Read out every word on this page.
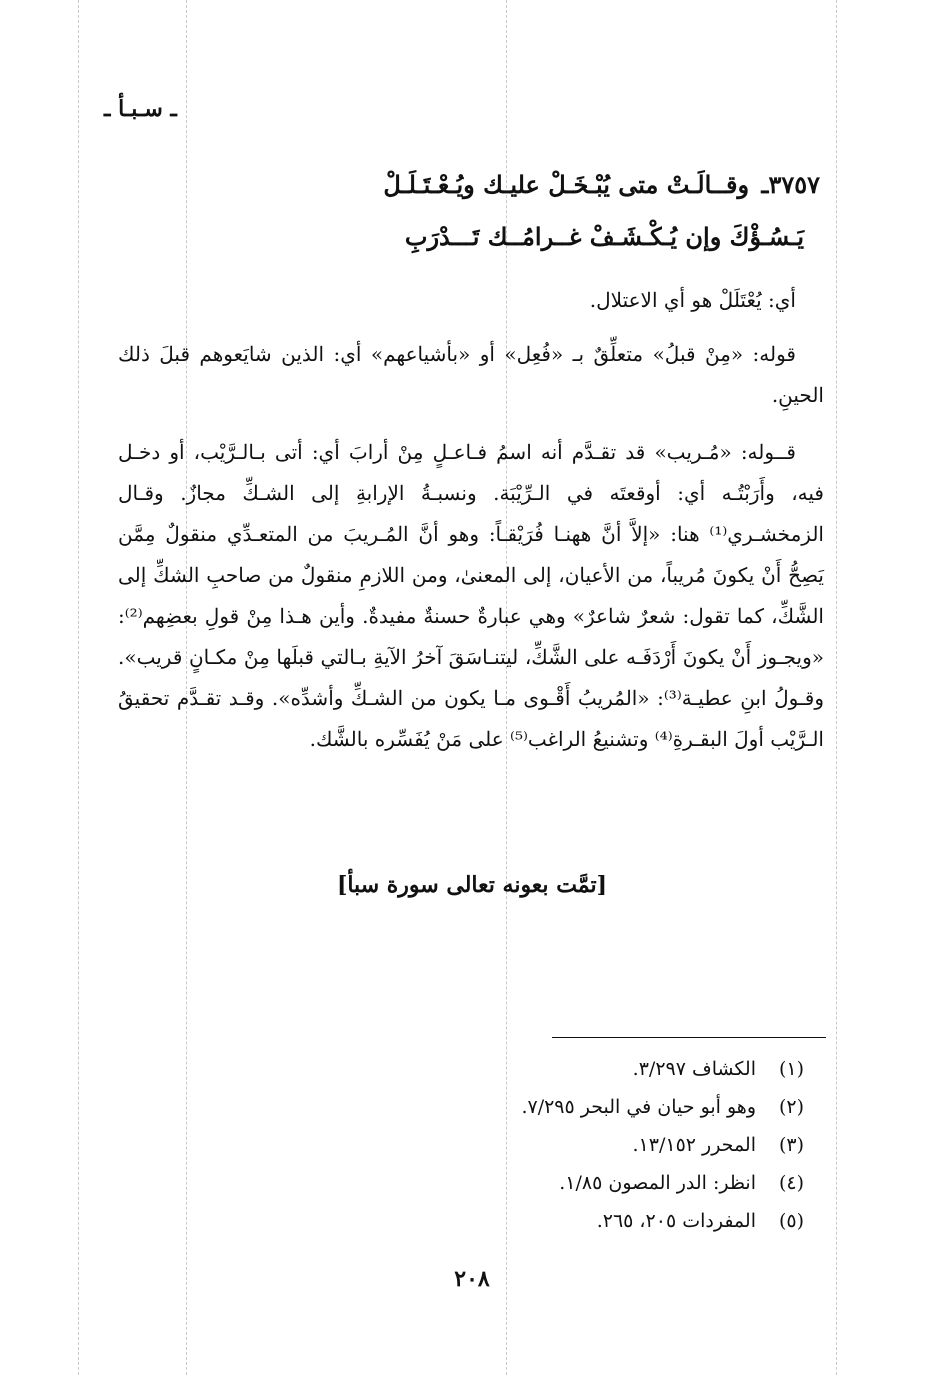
ـ سـبـأ ـ
٣٧٥٧ـ وقــالَـتْ متى يُبْـخَـلْ عليـك ويُـعْـتَـلَـلْ
يَـسُـؤْكَ وإن يُـكْـشَـفْ غــرامُــك تَـــدْرَبِ

أي: يُعْتَلَلْ هو أي الاعتلال.

قوله: «مِنْ قبلُ» متعلِّقٌ بـ «فُعِل» أو «بأشياعهم» أي: الذين شايَعوهم قبلَ ذلك الحينِ.

قــوله: «مُـريب» قد تقـدَّم أنه اسمُ فـاعـلٍ مِنْ أرابَ أي: أتى بـالـرَّيْب، أو دخـل فيه، وأَرَبْتُـه أي: أوقعتَه في الـرِّيْبَة. ونسبـةُ الإرابةِ إلى الشـكِّ مجازٌ. وقـال الزمخشـري⁽¹⁾ هنا: «إلاَّ أنَّ ههنـا فُرَيْقـاً: وهو أنَّ المُـريبَ من المتعـدِّي منقولٌ مِمَّن يَصِحُّ أَنْ يكونَ مُريباً، من الأعيان، إلى المعنىٰ، ومن اللازمِ منقولٌ من صاحبِ الشكِّ إلى الشَّكِّ، كما تقول: شعرٌ شاعرٌ» وهي عبارةٌ حسنةٌ مفيدةٌ. وأين هـذا مِنْ قولِ بعضِهم⁽²⁾: «ويجـوز أَنْ يكونَ أَرْدَفَـه على الشَّكِّ، ليتنـاسَقَ آخرُ الآيةِ بـالتي قبلَها مِنْ مكـانٍ قريب». وقـولُ ابنِ عطيـة⁽³⁾: «المُريبُ أَقْـوى مـا يكون من الشـكِّ وأشدِّه». وقـد تقـدَّم تحقيقُ الـرَّيْب أولَ البقـرةِ⁽⁴⁾ وتشنيعُ الراغب⁽⁵⁾ على مَنْ يُفَسِّره بالشَّك.

[تمَّت بعونه تعالى سورة سبأ]
(١)
الكشاف ٣/٢٩٧.
(٢)
وهو أبو حيان في البحر ٧/٢٩٥.
(٣)
المحرر ١٣/١٥٢.
(٤)
انظر: الدر المصون ١/٨٥.
(٥)
المفردات ٢٠٥، ٢٦٥.
٢٠٨
